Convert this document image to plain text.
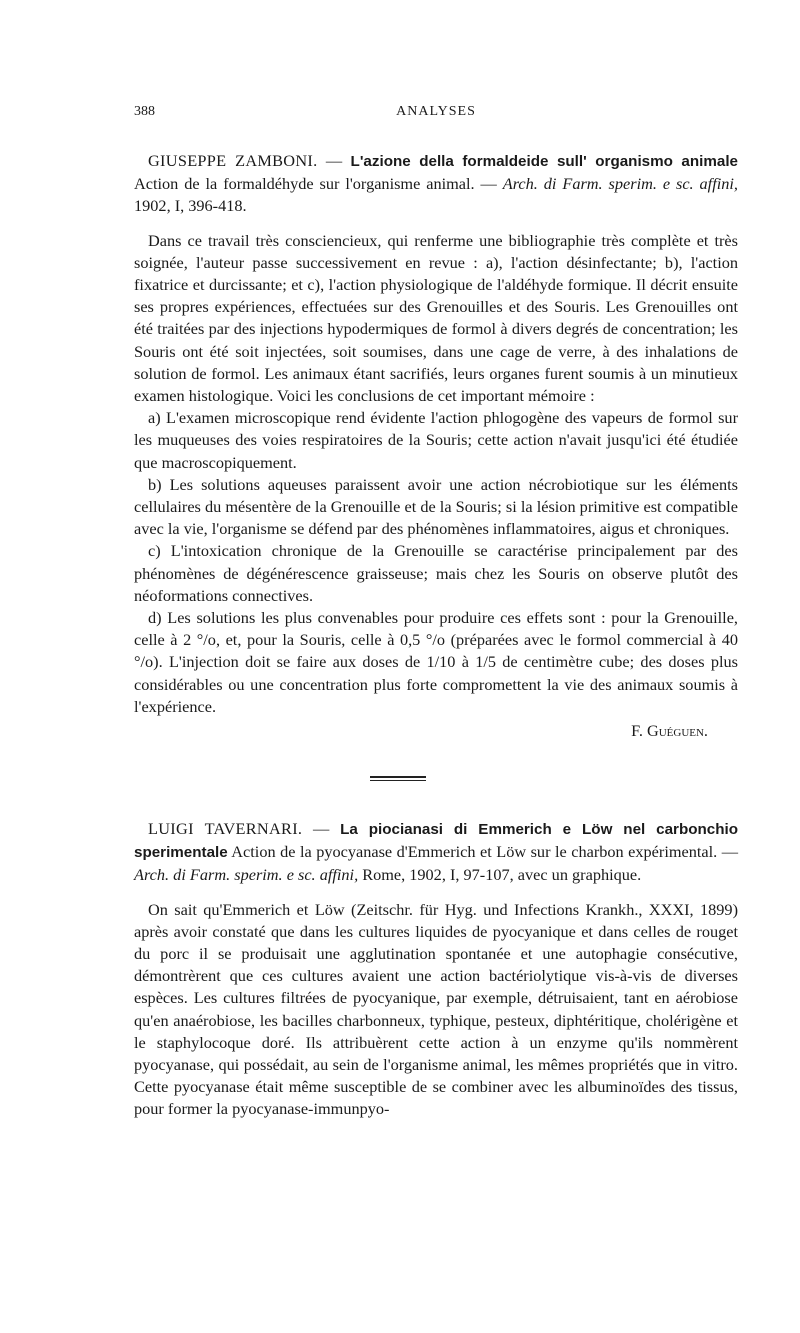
388	ANALYSES

GIUSEPPE ZAMBONI. — L'azione della formaldeide sull' organismo animale Action de la formaldéhyde sur l'organisme animal. — Arch. di Farm. sperim. e sc. affini, 1902, I, 396-418.

Dans ce travail très consciencieux, qui renferme une bibliographie très complète et très soignée, l'auteur passe successivement en revue : a), l'action désinfectante; b), l'action fixatrice et durcissante; et c), l'action physiologique de l'aldéhyde formique. Il décrit ensuite ses propres expériences, effectuées sur des Grenouilles et des Souris. Les Grenouilles ont été traitées par des injections hypodermiques de formol à divers degrés de concentration; les Souris ont été soit injectées, soit soumises, dans une cage de verre, à des inhalations de solution de formol. Les animaux étant sacrifiés, leurs organes furent soumis à un minutieux examen histologique. Voici les conclusions de cet important mémoire :

a) L'examen microscopique rend évidente l'action phlogogène des vapeurs de formol sur les muqueuses des voies respiratoires de la Souris; cette action n'avait jusqu'ici été étudiée que macroscopiquement.

b) Les solutions aqueuses paraissent avoir une action nécrobiotique sur les éléments cellulaires du mésentère de la Grenouille et de la Souris; si la lésion primitive est compatible avec la vie, l'organisme se défend par des phénomènes inflammatoires, aigus et chroniques.

c) L'intoxication chronique de la Grenouille se caractérise principalement par des phénomènes de dégénérescence graisseuse; mais chez les Souris on observe plutôt des néoformations connectives.

d) Les solutions les plus convenables pour produire ces effets sont : pour la Grenouille, celle à 2 °/o, et, pour la Souris, celle à 0,5 °/o (préparées avec le formol commercial à 40 °/o). L'injection doit se faire aux doses de 1/10 à 1/5 de centimètre cube; des doses plus considérables ou une concentration plus forte compromettent la vie des animaux soumis à l'expérience.

F. Guéguen.

LUIGI TAVERNARI. — La piocianasi di Emmerich e Löw nel carbonchio sperimentale Action de la pyocyanase d'Emmerich et Löw sur le charbon expérimental. — Arch. di Farm. sperim. e sc. affini, Rome, 1902, I, 97-107, avec un graphique.

On sait qu'Emmerich et Löw (Zeitschr. für Hyg. und Infections Krankh., XXXI, 1899) après avoir constaté que dans les cultures liquides de pyocyanique et dans celles de rouget du porc il se produisait une agglutination spontanée et une autophagie consécutive, démontrèrent que ces cultures avaient une action bactériolytique vis-à-vis de diverses espèces. Les cultures filtrées de pyocyanique, par exemple, détruisaient, tant en aérobiose qu'en anaérobiose, les bacilles charbonneux, typhique, pesteux, diphtéritique, cholérigène et le staphylocoque doré. Ils attribuèrent cette action à un enzyme qu'ils nommèrent pyocyanase, qui possédait, au sein de l'organisme animal, les mêmes propriétés que in vitro. Cette pyocyanase était même susceptible de se combiner avec les albuminoïdes des tissus, pour former la pyocyanase-immunpyo-
